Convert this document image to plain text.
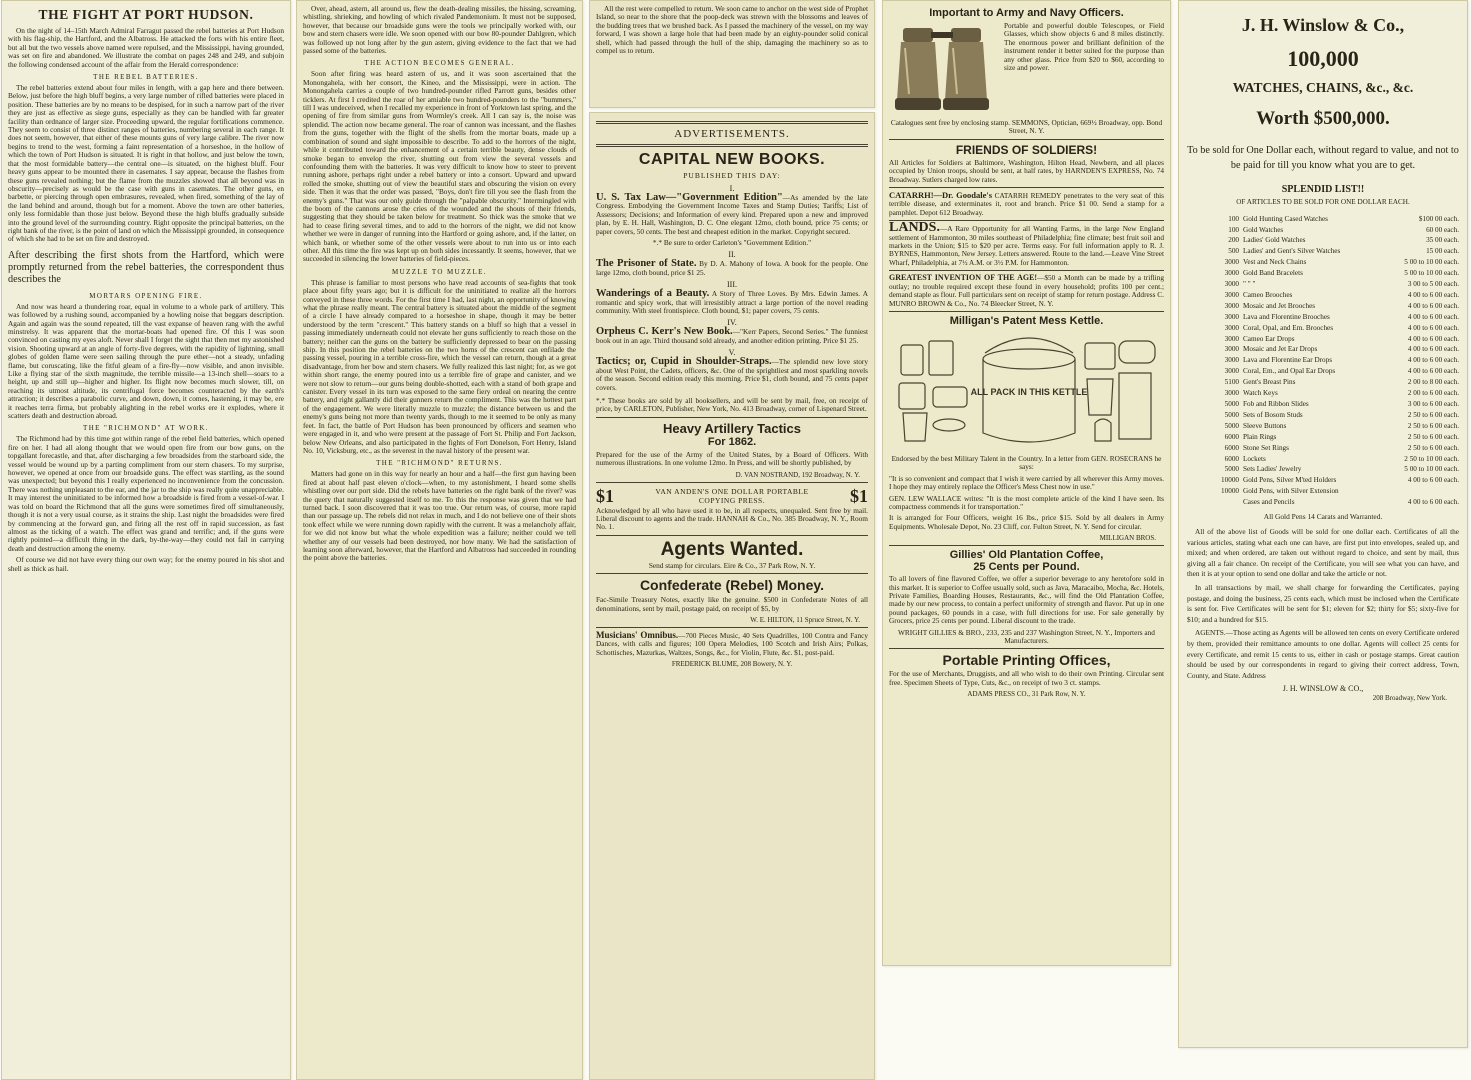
THE FIGHT AT PORT HUDSON.

On the night of 14–15th March Admiral Farragut passed the rebel batteries at Port Hudson with his flag-ship, the Hartford, and the Albatross. He attacked the forts with his entire fleet, but all but the two vessels above named were repulsed, and the Mississippi, having grounded, was set on fire and abandoned. We illustrate the combat on pages 248 and 249, and subjoin the following condensed account of the affair from the Herald correspondence:

THE REBEL BATTERIES.

The rebel batteries extend about four miles in length, with a gap here and there between. Below, just before the high bluff begins, a very large number of rifled batteries were placed in position. These batteries are by no means to be despised, for in such a narrow part of the river they are just as effective as siege guns, especially as they can be handled with far greater facility than ordnance of larger size. Proceeding upward, the regular fortifications commence. They seem to consist of three distinct ranges of batteries, numbering several in each range. It does not seem, however, that either of these mounts guns of very large calibre. The river now begins to trend to the west, forming a faint representation of a horseshoe, in the hollow of which the town of Port Hudson is situated. It is right in that hollow, and just below the town, that the most formidable battery—the central one—is situated, on the highest bluff. Four heavy guns appear to be mounted there in casemates. I say appear, because the flashes from these guns revealed nothing; but the flame from the muzzles showed that all beyond was in obscurity—precisely as would be the case with guns in casemates. The other guns, en barbette, or piercing through open embrasures, revealed, when fired, something of the lay of the land behind and around, though but for a moment. Above the town are other batteries, only less formidable than those just below. Beyond these the high bluffs gradually subside into the ground level of the surrounding country. Right opposite the principal batteries, on the right bank of the river, is the point of land on which the Mississippi grounded, in consequence of which she had to be set on fire and destroyed.

After describing the first shots from the Hartford, which were promptly returned from the rebel batteries, the correspondent thus describes the

MORTARS OPENING FIRE.

And now was heard a thundering roar, equal in volume to a whole park of artillery. This was followed by a rushing sound, accompanied by a howling noise that beggars description. Again and again was the sound repeated, till the vast expanse of heaven rang with the awful minstrelsy. It was apparent that the mortar-boats had opened fire. Of this I was soon convinced on casting my eyes aloft. Never shall I forget the sight that then met my astonished vision. Shooting upward at an angle of forty-five degrees, with the rapidity of lightning, small globes of golden flame were seen sailing through the pure ether—not a steady, unfading flame, but coruscating, like the fitful gleam of a fire-fly—now visible, and anon invisible. Like a flying star of the sixth magnitude, the terrible missile—a 13-inch shell—soars to a height, up and still up—higher and higher. Its flight now becomes much slower, till, on reaching its utmost altitude, its centrifugal force becomes counteracted by the earth's attraction; it describes a parabolic curve, and down, down, it comes, hastening, it may be, ere it reaches terra firma, but probably alighting in the rebel works ere it explodes, where it scatters death and destruction abroad.

THE "RICHMOND" AT WORK.

The Richmond had by this time got within range of the rebel field batteries, which opened fire on her. I had all along thought that we would open fire from our bow guns, on the topgallant forecastle, and that, after discharging a few broadsides from the starboard side, the vessel would be wound up by a parting compliment from our stern chasers. To my surprise, however, we opened at once from our broadside guns. The effect was startling, as the sound was unexpected; but beyond this I really experienced no inconvenience from the concussion. There was nothing unpleasant to the ear, and the jar to the ship was really quite unappreciable. It may interest the uninitiated to be informed how a broadside is fired from a vessel-of-war. I was told on board the Richmond that all the guns were sometimes fired off simultaneously, though it is not a very usual course, as it strains the ship. Last night the broadsides were fired by commencing at the forward gun, and firing all the rest off in rapid succession, as fast almost as the ticking of a watch. The effect was grand and terrific; and, if the guns were rightly pointed—a difficult thing in the dark, by-the-way—they could not fail in carrying death and destruction among the enemy.

Of course we did not have every thing our own way; for the enemy poured in his shot and shell as thick as hail.

Over, ahead, astern, all around us, flew the death-dealing missiles, the hissing, screaming, whistling, shrieking, and howling of which rivaled Pandemonium. It must not be supposed, however, that because our broadside guns were the tools we principally worked with, our bow and stern chasers were idle. We soon opened with our bow 80-pounder Dahlgren, which was followed up not long after by the gun astern, giving evidence to the fact that we had passed some of the batteries.

THE ACTION BECOMES GENERAL.

Soon after firing was heard astern of us, and it was soon ascertained that the Monongahela, with her consort, the Kineo, and the Mississippi, were in action. The Monongahela carries a couple of two hundred-pounder rifled Parrott guns, besides other ticklers. At first I credited the roar of her amiable two hundred-pounders to the "bummers," till I was undeceived, when I recalled my experience in front of Yorktown last spring, and the opening of fire from similar guns from Wormley's creek. All I can say is, the noise was splendid. The action now became general. The roar of cannon was incessant, and the flashes from the guns, together with the flight of the shells from the mortar boats, made up a combination of sound and sight impossible to describe. To add to the horrors of the night, while it contributed toward the enhancement of a certain terrible beauty, dense clouds of smoke began to envelop the river, shutting out from view the several vessels and confounding them with the batteries. It was very difficult to know how to steer to prevent running ashore, perhaps right under a rebel battery or into a consort. Upward and upward rolled the smoke, shutting out of view the beautiful stars and obscuring the vision on every side. Then it was that the order was passed, "Boys, don't fire till you see the flash from the enemy's guns." That was our only guide through the "palpable obscurity." Intermingled with the boom of the cannons arose the cries of the wounded and the shouts of their friends, suggesting that they should be taken below for treatment. So thick was the smoke that we had to cease firing several times, and to add to the horrors of the night, we did not know whether we were in danger of running into the Hartford or going ashore, and, if the latter, on which bank, or whether some of the other vessels were about to run into us or into each other. All this time the fire was kept up on both sides incessantly. It seems, however, that we succeeded in silencing the lower batteries of field-pieces.

MUZZLE TO MUZZLE.

This phrase is familiar to most persons who have read accounts of sea-fights that took place about fifty years ago; but it is difficult for the uninitiated to realize all the horrors conveyed in these three words. For the first time I had, last night, an opportunity of knowing what the phrase really meant. The central battery is situated about the middle of the segment of a circle I have already compared to a horseshoe in shape, though it may be better understood by the term "crescent." This battery stands on a bluff so high that a vessel in passing immediately underneath could not elevate her guns sufficiently to reach those on the battery; neither can the guns on the battery be sufficiently depressed to bear on the passing ship. In this position the rebel batteries on the two horns of the crescent can enfilade the passing vessel, pouring in a terrible cross-fire, which the vessel can return, though at a great disadvantage, from her bow and stern chasers. We fully realized this last night; for, as we got within short range, the enemy poured into us a terrible fire of grape and canister, and we were not slow to return—our guns being double-shotted, each with a stand of both grape and canister. Every vessel in its turn was exposed to the same fiery ordeal on nearing the centre battery, and right gallantly did their gunners return the compliment. This was the hottest part of the engagement. We were literally muzzle to muzzle; the distance between us and the enemy's guns being not more than twenty yards, though to me it seemed to be only as many feet. In fact, the battle of Port Hudson has been pronounced by officers and seamen who were engaged in it, and who were present at the passage of Fort St. Philip and Fort Jackson, below New Orleans, and also participated in the fights of Fort Donelson, Fort Henry, Island No. 10, Vicksburg, etc., as the severest in the naval history of the present war.

THE "RICHMOND" RETURNS.

Matters had gone on in this way for nearly an hour and a half—the first gun having been fired at about half past eleven o'clock—when, to my astonishment, I heard some shells whistling over our port side. Did the rebels have batteries on the right bank of the river? was the query that naturally suggested itself to me. To this the response was given that we had turned back. I soon discovered that it was too true. Our return was, of course, more rapid than our passage up. The rebels did not relax in much, and I do not believe one of their shots took effect while we were running down rapidly with the current. It was a melancholy affair, for we did not know but what the whole expedition was a failure; neither could we tell whether any of our vessels had been destroyed, nor how many. We had the satisfaction of learning soon afterward, however, that the Hartford and Albatross had succeeded in rounding the point above the batteries.

All the rest were compelled to return. We soon came to anchor on the west side of Prophet Island, so near to the shore that the poop-deck was strewn with the blossoms and leaves of the budding trees that we brushed back. As I passed the machinery of the vessel, on my way forward, I was shown a large hole that had been made by an eighty-pounder solid conical shell, which had passed through the hull of the ship, damaging the machinery so as to compel us to return.

ADVERTISEMENTS.
CAPITAL NEW BOOKS.
PUBLISHED THIS DAY:
I.
U. S. Tax Law—"Government Edition"—As amended by the late Congress. Embodying the Government Income Taxes and Stamp Duties; Tariffs; List of Assessors; Decisions; and Information of every kind. Prepared upon a new and improved plan, by E. H. Hall, Washington, D. C. One elegant 12mo, cloth bound, price 75 cents; or paper covers, 50 cents. The best and cheapest edition in the market. Copyright secured.
*.* Be sure to order Carleton's "Government Edition."
II.
The Prisoner of State. By D. A. Mahony of Iowa. A book for the people. One large 12mo, cloth bound, price $1 25.
III.
Wanderings of a Beauty. A Story of Three Loves. By Mrs. Edwin James. A romantic and spicy work, that will irresistibly attract a large portion of the novel reading community. With steel frontispiece. Cloth bound, $1; paper covers, 75 cents.
IV.
Orpheus C. Kerr's New Book.—"Kerr Papers, Second Series." The funniest book out in an age. Third thousand sold already, and another edition printing. Price $1 25.
V.
Tactics; or, Cupid in Shoulder-Straps.—The splendid new love story about West Point, the Cadets, officers, &c. One of the sprightliest and most sparkling novels of the season. Second edition ready this morning. Price $1, cloth bound, and 75 cents paper covers.
*.* These books are sold by all booksellers, and will be sent by mail, free, on receipt of price, by CARLETON, Publisher, New York, No. 413 Broadway, corner of Lispenard Street.
Heavy Artillery Tactics
For 1862.
Prepared for the use of the Army of the United States, by a Board of Officers. With numerous illustrations. In one volume 12mo. In Press, and will be shortly published, by
D. VAN NOSTRAND, 192 Broadway, N. Y.
$1	VAN ANDEN'S ONE DOLLAR PORTABLE COPYING PRESS.	$1
Acknowledged by all who have used it to be, in all respects, unequaled. Sent free by mail. Liberal discount to agents and the trade. HANNAH & Co., No. 385 Broadway, N. Y., Room No. 1.
Agents Wanted.
Send stamp for circulars. Eire & Co., 37 Park Row, N. Y.
Confederate (Rebel) Money.
Fac-Simile Treasury Notes, exactly like the genuine. $500 in Confederate Notes of all denominations, sent by mail, postage paid, on receipt of $5, by
W. E. HILTON, 11 Spruce Street, N. Y.
Musicians' Omnibus.—700 Pieces Music, 40 Sets Quadrilles, 100 Contra and Fancy Dances, with calls and figures; 100 Opera Melodies, 100 Scotch and Irish Airs; Polkas, Schottisches, Mazurkas, Waltzes, Songs, &c., for Violin, Flute, &c. $1, post-paid.
FREDERICK BLUME, 208 Bowery, N. Y.
Important to Army and Navy Officers.
Portable and powerful double Telescopes, or Field Glasses, which show objects 6 and 8 miles distinctly. The enormous power and brilliant definition of the instrument render it better suited for the purpose than any other glass. Price from $20 to $60, according to size and power.
Catalogues sent free by enclosing stamp. SEMMONS, Optician, 669½ Broadway, opp. Bond Street, N. Y.
FRIENDS OF SOLDIERS!
All Articles for Soldiers at Baltimore, Washington, Hilton Head, Newbern, and all places occupied by Union troops, should be sent, at half rates, by HARNDEN'S EXPRESS, No. 74 Broadway. Sutlers charged low rates.
CATARRH!—Dr. Goodale's CATARRH REMEDY penetrates to the very seat of this terrible disease, and exterminates it, root and branch. Price $1 00. Send a stamp for a pamphlet. Depot 612 Broadway.
LANDS.—A Rare Opportunity for all Wanting Farms, in the large New England settlement of Hammonton, 30 miles southeast of Philadelphia; fine climate; best fruit soil and markets in the Union; $15 to $20 per acre. Terms easy. For full information apply to R. J. BYRNES, Hammonton, New Jersey. Letters answered. Route to the land.—Leave Vine Street Wharf, Philadelphia, at 7½ A.M. or 3½ P.M. for Hammonton.
GREATEST INVENTION OF THE AGE!—$50 a Month can be made by a trifling outlay; no trouble required except these found in every household; profits 100 per cent.; demand staple as flour. Full particulars sent on receipt of stamp for return postage. Address C. MUNRO BROWN & Co., No. 74 Bleecker Street, N. Y.
Milligan's Patent Mess Kettle.
ALL PACK IN THIS KETTLE
Endorsed by the best Military Talent in the Country. In a letter from GEN. ROSECRANS he says:
"It is so convenient and compact that I wish it were carried by all wherever this Army moves. I hope they may entirely replace the Officer's Mess Chest now in use."
GEN. LEW WALLACE writes: "It is the most complete article of the kind I have seen. Its compactness commends it for transportation."
It is arranged for Four Officers, weight 16 lbs., price $15. Sold by all dealers in Army Equipments. Wholesale Depot, No. 23 Cliff, cor. Fulton Street, N. Y. Send for circular.
MILLIGAN BROS.
Gillies' Old Plantation Coffee,
25 Cents per Pound.
To all lovers of fine flavored Coffee, we offer a superior beverage to any heretofore sold in this market. It is superior to Coffee usually sold, such as Java, Maracaibo, Mocha, &c. Hotels, Private Families, Boarding Houses, Restaurants, &c., will find the Old Plantation Coffee, made by our new process, to contain a perfect uniformity of strength and flavor. Put up in one pound packages, 60 pounds in a case, with full directions for use. For sale generally by Grocers, price 25 cents per pound. Liberal discount to the trade.
WRIGHT GILLIES & BRO., 233, 235 and 237 Washington Street, N. Y., Importers and Manufacturers.
Portable Printing Offices,
For the use of Merchants, Druggists, and all who wish to do their own Printing. Circular sent free. Specimen Sheets of Type, Cuts, &c., on receipt of two 3 ct. stamps.
ADAMS PRESS CO., 31 Park Row, N. Y.
J. H. Winslow & Co.,
100,000
WATCHES, CHAINS, &c., &c.
Worth $500,000.
To be sold for One Dollar each, without regard to value, and not to be paid for till you know what you are to get.
SPLENDID LIST!!
OF ARTICLES TO BE SOLD FOR ONE DOLLAR EACH.
100 Gold Hunting Cased Watches	$100 00 each.
100 Gold Watches	60 00 each.
200 Ladies' Gold Watches	35 00 each.
500 Ladies' and Gent's Silver Watches	15 00 each.
3000 Vest and Neck Chains	5 00 to 10 00 each.
3000 Gold Band Bracelets	5 00 to 10 00 each.
3000 " " "	3 00 to 5 00 each.
3000 Cameo Brooches	4 00 to 6 00 each.
3000 Mosaic and Jet Brooches	4 00 to 6 00 each.
3000 Lava and Florentine Brooches	4 00 to 6 00 each.
3000 Coral, Opal, and Em. Brooches	4 00 to 6 00 each.
3000 Cameo Ear Drops	4 00 to 6 00 each.
3000 Mosaic and Jet Ear Drops	4 00 to 6 00 each.
3000 Lava and Florentine Ear Drops	4 00 to 6 00 each.
3000 Coral, Em., and Opal Ear Drops	4 00 to 6 00 each.
5100 Gent's Breast Pins	2 00 to 8 00 each.
3000 Watch Keys	2 00 to 6 00 each.
5000 Fob and Ribbon Slides	3 00 to 6 00 each.
5000 Sets of Bosom Studs	2 50 to 6 00 each.
5000 Sleeve Buttons	2 50 to 6 00 each.
6000 Plain Rings	2 50 to 6 00 each.
6000 Stone Set Rings	2 50 to 6 00 each.
6000 Lockets	2 50 to 10 00 each.
5000 Sets Ladies' Jewelry	5 00 to 10 00 each.
10000 Gold Pens, Silver M'ted Holders	4 00 to 6 00 each.
10000 Gold Pens, with Silver Extension
Cases and Pencils	4 00 to 6 00 each.
All Gold Pens 14 Carats and Warranted.

All of the above list of Goods will be sold for one dollar each. Certificates of all the various articles, stating what each one can have, are first put into envelopes, sealed up, and mixed; and when ordered, are taken out without regard to choice, and sent by mail, thus giving all a fair chance. On receipt of the Certificate, you will see what you can have, and then it is at your option to send one dollar and take the article or not.

In all transactions by mail, we shall charge for forwarding the Certificates, paying postage, and doing the business, 25 cents each, which must be inclosed when the Certificate is sent for. Five Certificates will be sent for $1; eleven for $2; thirty for $5; sixty-five for $10; and a hundred for $15.

AGENTS.—Those acting as Agents will be allowed ten cents on every Certificate ordered by them, provided their remittance amounts to one dollar. Agents will collect 25 cents for every Certificate, and remit 15 cents to us, either in cash or postage stamps. Great caution should be used by our correspondents in regard to giving their correct address, Town, County, and State. Address

J. H. WINSLOW & CO.,
208 Broadway, New York.
